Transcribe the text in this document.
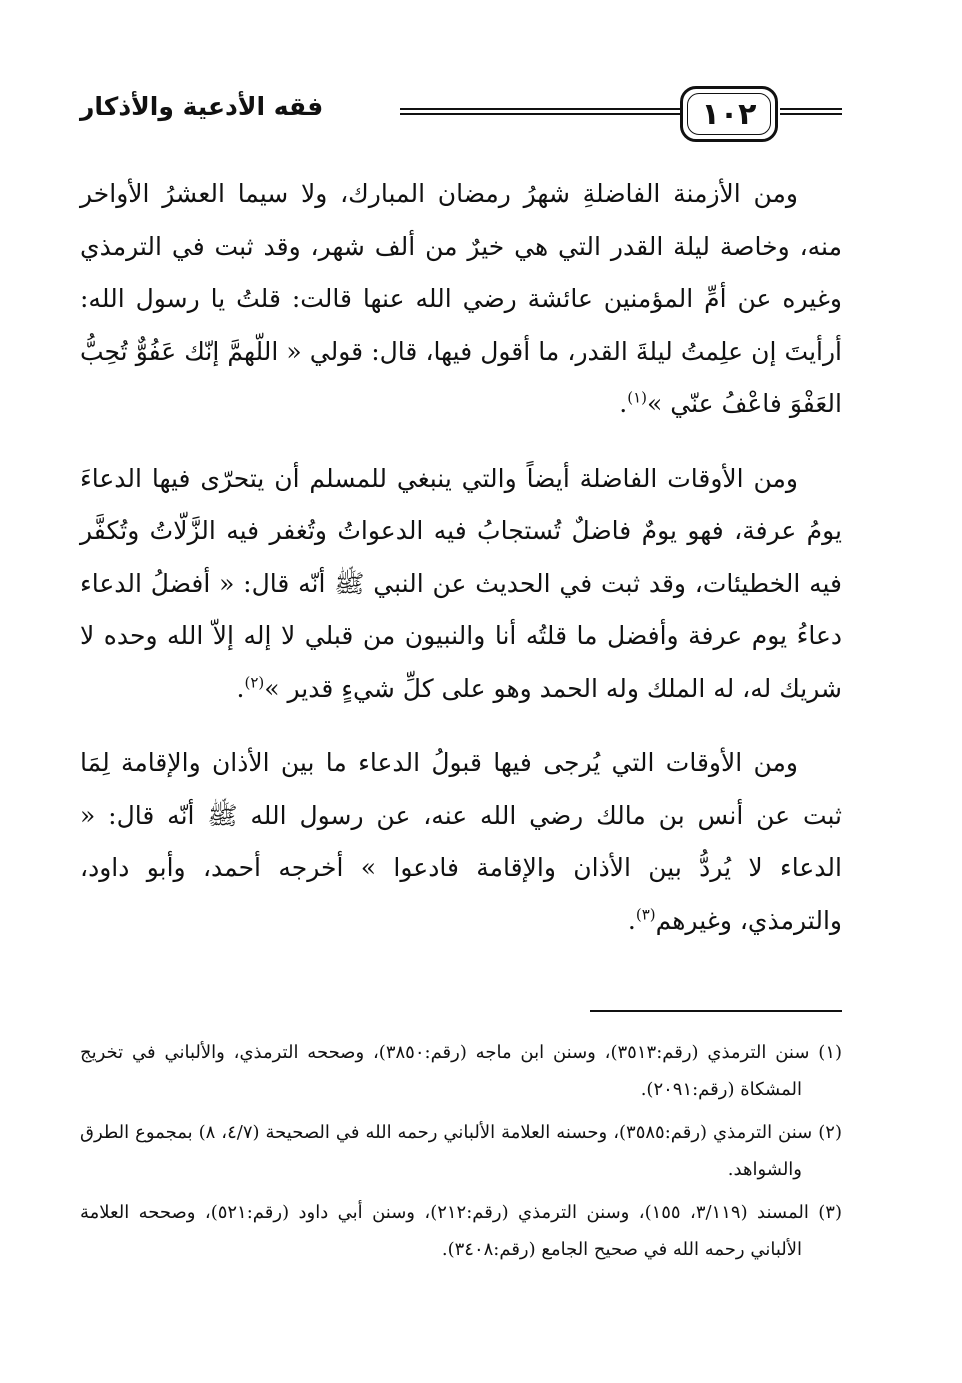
١٠٢
فقه الأدعية والأذكار

ومن الأزمنة الفاضلةِ شهرُ رمضان المبارك، ولا سيما العشرُ الأواخر منه، وخاصة ليلة القدر التي هي خيرٌ من ألف شهر، وقد ثبت في الترمذي وغيره عن أمِّ المؤمنين عائشة رضي الله عنها قالت: قلتُ يا رسول الله: أرأيتَ إن علِمتُ ليلةَ القدر، ما أقول فيها، قال: قولي « اللّهمَّ إنّك عَفُوٌّ تُحِبُّ العَفْوَ فاعْفُ عنّي »$^{(١)}$.

ومن الأوقات الفاضلة أيضاً والتي ينبغي للمسلم أن يتحرّى فيها الدعاءَ يومُ عرفة، فهو يومٌ فاضلٌ تُستجابُ فيه الدعواتُ وتُغفر فيه الزَّلّاتُ وتُكفَّر فيه الخطيئات، وقد ثبت في الحديث عن النبي ﷺ أنّه قال: « أفضلُ الدعاء دعاءُ يوم عرفة وأفضل ما قلتُه أنا والنبيون من قبلي لا إله إلاّ الله وحده لا شريك له، له الملك وله الحمد وهو على كلِّ شيءٍ قدير »$^{(٢)}$.

ومن الأوقات التي يُرجى فيها قبولُ الدعاء ما بين الأذان والإقامة لِمَا ثبت عن أنس بن مالك رضي الله عنه، عن رسول الله ﷺ أنّه قال: « الدعاء لا يُردُّ بين الأذان والإقامة فادعوا » أخرجه أحمد، وأبو داود، والترمذي، وغيرهم$^{(٣)}$.

(١) سنن الترمذي (رقم:٣٥١٣)، وسنن ابن ماجه (رقم:٣٨٥٠)، وصححه الترمذي، والألباني في تخريج المشكاة (رقم:٢٠٩١).

(٢) سنن الترمذي (رقم:٣٥٨٥)، وحسنه العلامة الألباني رحمه الله في الصحيحة (٤/٧، ٨) بمجموع الطرق والشواهد.

(٣) المسند (٣/١١٩، ١٥٥)، وسنن الترمذي (رقم:٢١٢)، وسنن أبي داود (رقم:٥٢١)، وصححه العلامة الألباني رحمه الله في صحيح الجامع (رقم:٣٤٠٨).
